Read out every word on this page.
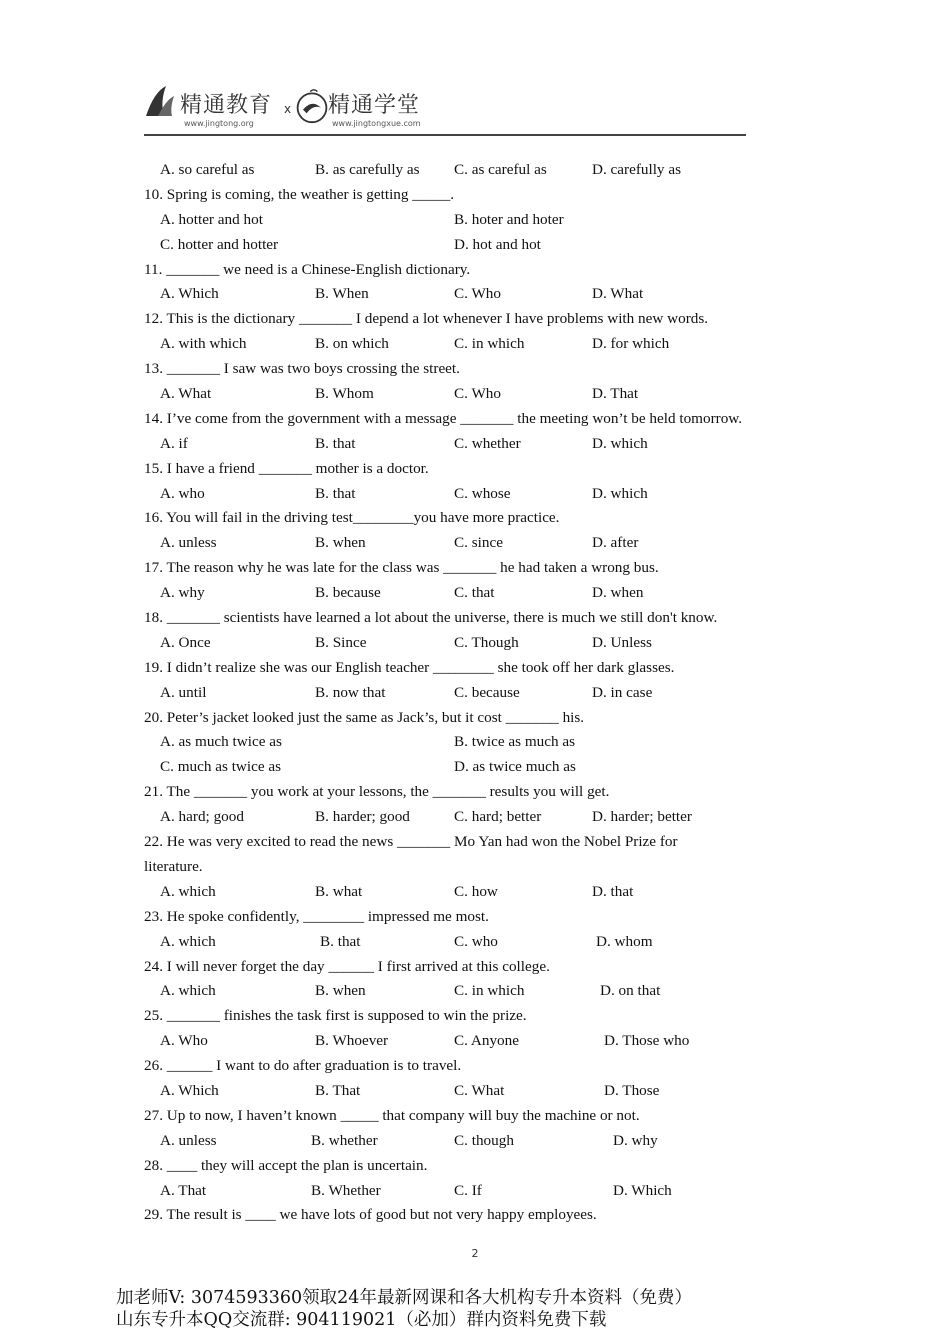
精通教育
www.jingtong.org
x 精通学堂
www.jingtongxue.com
A. so careful as	B. as carefully as C. as careful as	D. carefully as
10. Spring is coming, the weather is getting _____.
A. hotter and hot	B. hoter and hoter
C. hotter and hotter	D. hot and hot
11. _______ we need is a Chinese-English dictionary.
A. Which	B. When	C. Who	D. What
12. This is the dictionary _______ I depend a lot whenever I have problems with new words.
A. with which	B. on which	C. in which	D. for which
13. _______ I saw was two boys crossing the street.
A. What	B. Whom	C. Who	D. That
14. I’ve come from the government with a message _______ the meeting won’t be held tomorrow.
A. if	B. that	C. whether	D. which
15. I have a friend _______ mother is a doctor.
A. who	B. that	C. whose	D. which
16. You will fail in the driving test________you have more practice.
A. unless	B. when	C. since	D. after
17. The reason why he was late for the class was _______ he had taken a wrong bus.
A. why	B. because	C. that	D. when
18. _______ scientists have learned a lot about the universe, there is much we still don't know.
A. Once	B. Since	C. Though	D. Unless
19. I didn’t realize she was our English teacher ________ she took off her dark glasses.
A. until	B. now that	C. because	D. in case
20. Peter’s jacket looked just the same as Jack’s, but it cost _______ his.
A. as much twice as	B. twice as much as
C. much as twice as	D. as twice much as
21. The _______ you work at your lessons, the _______ results you will get.
A. hard; good	B. harder; good	C. hard; better	D. harder; better
22. He was very excited to read the news _______ Mo Yan had won the Nobel Prize for
literature.
A. which	B. what	C. how	D. that
23. He spoke confidently, ________ impressed me most.
A. which	B. that	C. who	D. whom
24. I will never forget the day ______ I first arrived at this college.
A. which	B. when	C. in which	D. on that
25. _______ finishes the task first is supposed to win the prize.
A. Who	B. Whoever	C. Anyone	D. Those who
26. ______ I want to do after graduation is to travel.
A. Which	B. That	C. What	D. Those
27. Up to now, I haven’t known _____ that company will buy the machine or not.
A. unless	B. whether	C. though	D. why
28. ____ they will accept the plan is uncertain.
A. That	B. Whether	C. If	D. Which
29. The result is ____ we have lots of good but not very happy employees.
2
加老师V: 3074593360领取24年最新网课和各大机构专升本资料（免费）
山东专升本QQ交流群: 904119021（必加）群内资料免费下载
